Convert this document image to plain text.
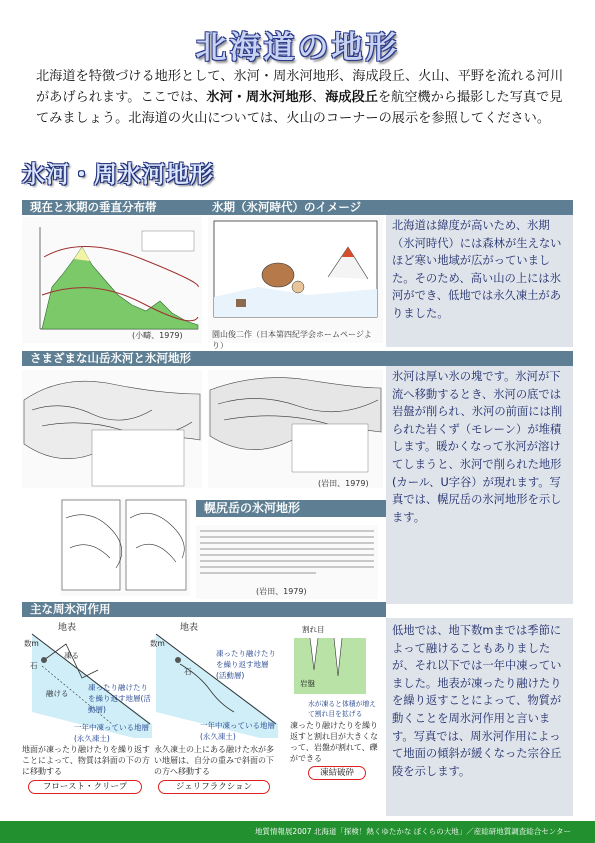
北海道の地形
北海道を特徴づける地形として、氷河・周氷河地形、海成段丘、火山、平野を流れる河川があげられます。ここでは、氷河・周氷河地形、海成段丘を航空機から撮影した写真で見てみましょう。北海道の火山については、火山のコーナーの展示を参照してください。
氷河・周氷河地形
現在と氷期の垂直分布帯	氷期（氷河時代）のイメージ
(小疇、1979)	園山俊二作（日本第四紀学会ホームページより）
北海道は緯度が高いため、氷期（氷河時代）には森林が生えないほど寒い地域が広がっていました。そのため、高い山の上には氷河ができ、低地では永久凍土がありました。
さまざまな山岳氷河と氷河地形
(岩田、1979)
幌尻岳の氷河地形
(岩田、1979)
氷河は厚い氷の塊です。氷河が下流へ移動するとき、氷河の底では岩盤が削られ、氷河の前面には削られた岩くず（モレーン）が堆積します。暖かくなって氷河が溶けてしまうと、氷河で削られた地形(カール、U字谷）が現れます。写真では、幌尻岳の氷河地形を示します。
主な周氷河作用
地表
数m
石
凍る
融ける
凍ったり融けたりを繰り返す地層(活動層)
一年中凍っている地層(永久凍土)
地面が凍ったり融けたりを繰り返すことによって、物質は斜面の下の方に移動する
フロースト・クリープ
地表
数m
石
凍ったり融けたりを繰り返す地層(活動層)
一年中凍っている地層(永久凍土)
永久凍土の上にある融けた水が多い地層は、自分の重みで斜面の下の方へ移動する
ジェリフラクション
割れ目
岩盤
水が凍ると体積が増えて割れ目を拡げる
凍ったり融けたりを繰り返すと割れ目が大きくなって、岩盤が割れて、礫ができる
凍結破砕
低地では、地下数mまでは季節によって融けることもありましたが、それ以下では一年中凍っていました。地表が凍ったり融けたりを繰り返すことによって、物質が動くことを周氷河作用と言います。写真では、周氷河作用によって地面の傾斜が緩くなった宗谷丘陵を示します。
地質情報展2007 北海道「探検！熱くゆたかな ぼくらの大地」／産総研地質調査総合センター
